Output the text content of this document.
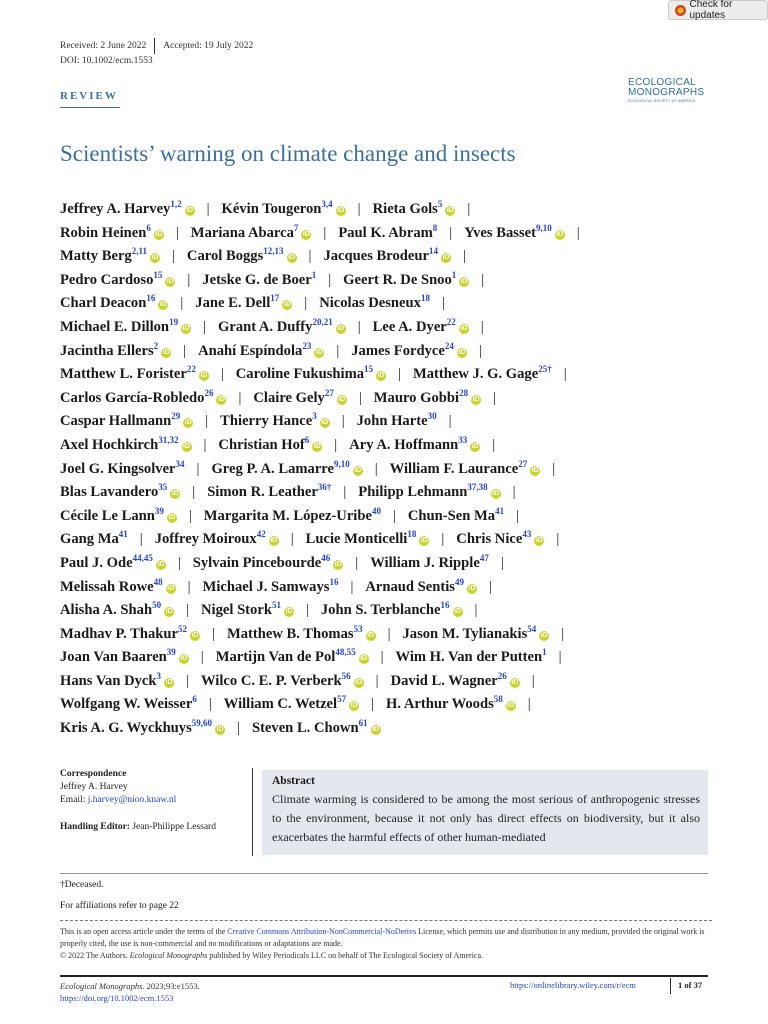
Check for updates
Received: 2 June 2022 Accepted: 19 July 2022
DOI: 10.1002/ecm.1553
REVIEW
ECOLOGICAL
MONOGRAPHS
ECOLOGICAL SOCIETY OF AMERICA
Scientists’ warning on climate change and insects
Jeffrey A. Harvey$^{1,2}$iD | Kévin Tougeron$^{3,4}$iD | Rieta Gols$^5$iD |
Robin Heinen$^6$iD | Mariana Abarca$^7$iD | Paul K. Abram$^8$ | Yves Basset$^{9,10}$iD |
Matty Berg$^{2,11}$iD | Carol Boggs$^{12,13}$iD | Jacques Brodeur$^{14}$iD |
Pedro Cardoso$^{15}$iD | Jetske G. de Boer$^1$ | Geert R. De Snoo$^1$iD |
Charl Deacon$^{16}$iD | Jane E. Dell$^{17}$iD | Nicolas Desneux$^{18}$ |
Michael E. Dillon$^{19}$iD | Grant A. Duffy$^{20,21}$iD | Lee A. Dyer$^{22}$iD |
Jacintha Ellers$^2$iD | Anahí Espíndola$^{23}$iD | James Fordyce$^{24}$iD |
Matthew L. Forister$^{22}$iD | Caroline Fukushima$^{15}$iD | Matthew J. G. Gage$^{25\dagger}$ |
Carlos García-Robledo$^{26}$iD | Claire Gely$^{27}$iD | Mauro Gobbi$^{28}$iD |
Caspar Hallmann$^{29}$iD | Thierry Hance$^3$iD | John Harte$^{30}$ |
Axel Hochkirch$^{31,32}$iD | Christian Hof$^6$iD | Ary A. Hoffmann$^{33}$iD |
Joel G. Kingsolver$^{34}$ | Greg P. A. Lamarre$^{9,10}$iD | William F. Laurance$^{27}$iD |
Blas Lavandero$^{35}$iD | Simon R. Leather$^{36\dagger}$ | Philipp Lehmann$^{37,38}$iD |
Cécile Le Lann$^{39}$iD | Margarita M. López-Uribe$^{40}$ | Chun-Sen Ma$^{41}$ |
Gang Ma$^{41}$ | Joffrey Moiroux$^{42}$iD | Lucie Monticelli$^{18}$iD | Chris Nice$^{43}$iD |
Paul J. Ode$^{44,45}$iD | Sylvain Pincebourde$^{46}$iD | William J. Ripple$^{47}$ |
Melissah Rowe$^{48}$iD | Michael J. Samways$^{16}$ | Arnaud Sentis$^{49}$iD |
Alisha A. Shah$^{50}$iD | Nigel Stork$^{51}$iD | John S. Terblanche$^{16}$iD |
Madhav P. Thakur$^{52}$iD | Matthew B. Thomas$^{53}$iD | Jason M. Tylianakis$^{54}$iD |
Joan Van Baaren$^{39}$iD | Martijn Van de Pol$^{48,55}$iD | Wim H. Van der Putten$^1$ |
Hans Van Dyck$^3$iD | Wilco C. E. P. Verberk$^{56}$iD | David L. Wagner$^{26}$iD |
Wolfgang W. Weisser$^6$ | William C. Wetzel$^{57}$iD | H. Arthur Woods$^{58}$iD |
Kris A. G. Wyckhuys$^{59,60}$iD | Steven L. Chown$^{61}$iD
Correspondence
Jeffrey A. Harvey
Email: j.harvey@nioo.knaw.nl
Handling Editor: Jean-Philippe Lessard
Abstract
Climate warming is considered to be among the most serious of anthropogenic stresses to the environment, because it not only has direct effects on biodiversity, but it also exacerbates the harmful effects of other human-mediated
†Deceased.
For affiliations refer to page 22
This is an open access article under the terms of the Creative Commons Attribution-NonCommercial-NoDerivs License, which permits use and distribution in any medium, provided the original work is properly cited, the use is non-commercial and no modifications or adaptations are made.
© 2022 The Authors. Ecological Monographs published by Wiley Periodicals LLC on behalf of The Ecological Society of America.
Ecological Monographs. 2023;93:e1553.
https://doi.org/10.1002/ecm.1553
https://onlinelibrary.wiley.com/r/ecm	1 of 37
